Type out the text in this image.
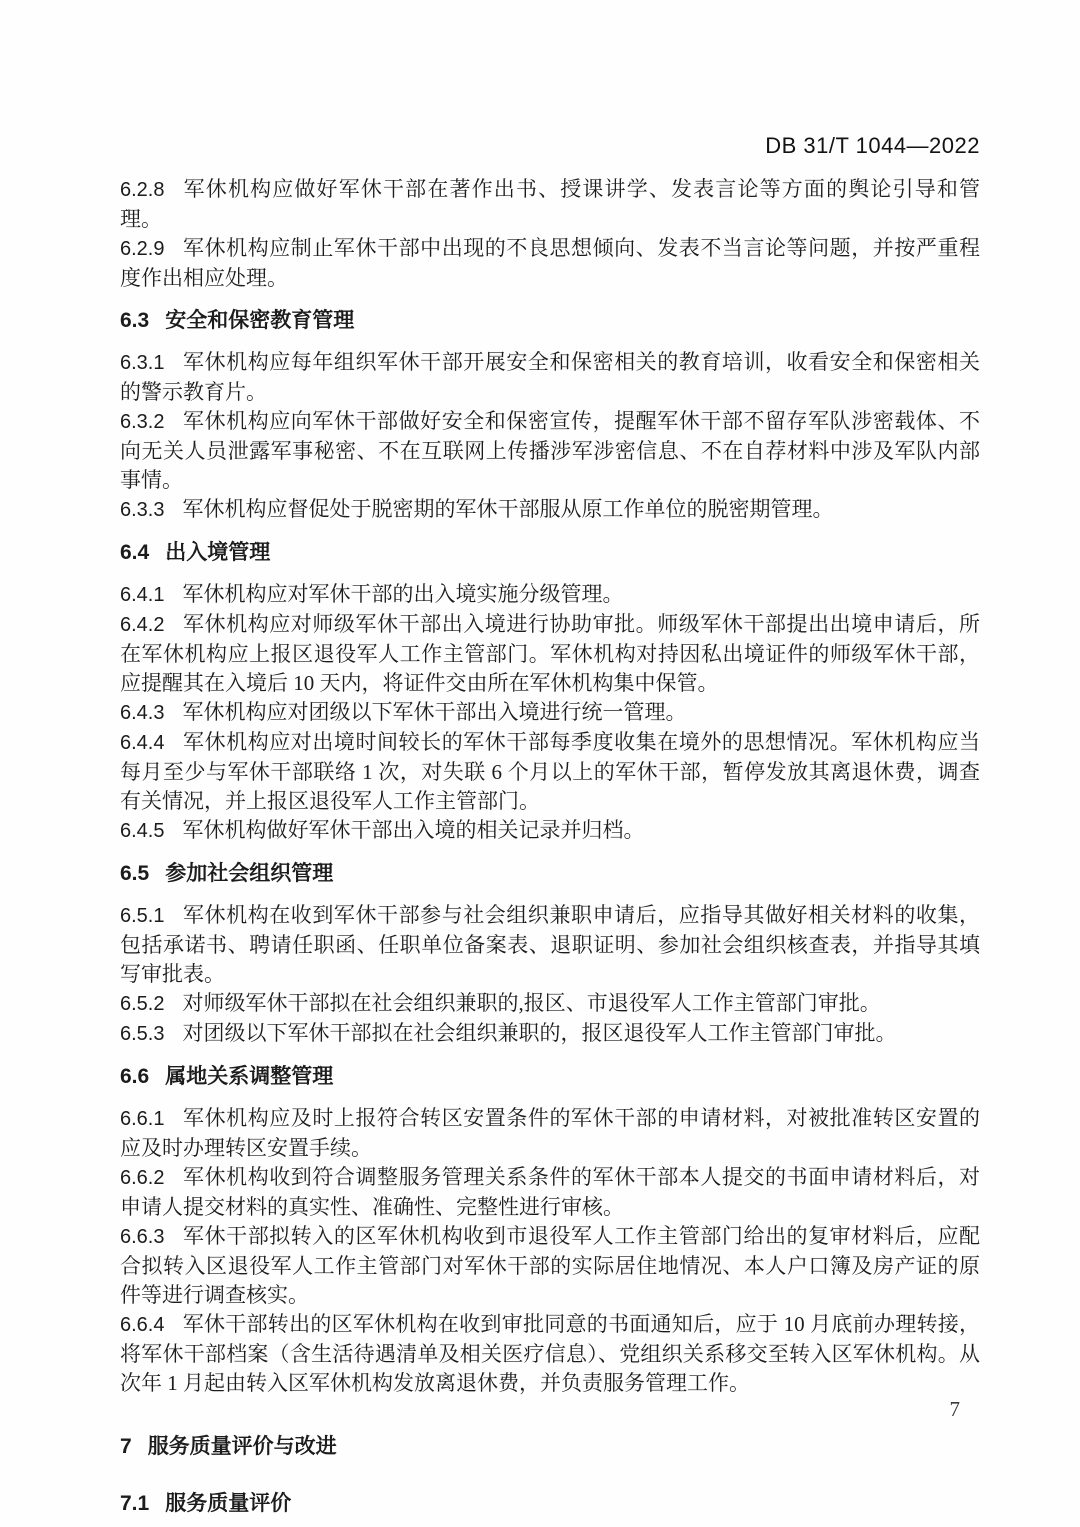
DB 31/T 1044—2022

6.2.8 军休机构应做好军休干部在著作出书、授课讲学、发表言论等方面的舆论引导和管理。

6.2.9 军休机构应制止军休干部中出现的不良思想倾向、发表不当言论等问题，并按严重程度作出相应处理。

6.3 安全和保密教育管理

6.3.1 军休机构应每年组织军休干部开展安全和保密相关的教育培训，收看安全和保密相关的警示教育片。

6.3.2 军休机构应向军休干部做好安全和保密宣传，提醒军休干部不留存军队涉密载体、不向无关人员泄露军事秘密、不在互联网上传播涉军涉密信息、不在自荐材料中涉及军队内部事情。

6.3.3 军休机构应督促处于脱密期的军休干部服从原工作单位的脱密期管理。

6.4 出入境管理

6.4.1 军休机构应对军休干部的出入境实施分级管理。

6.4.2 军休机构应对师级军休干部出入境进行协助审批。师级军休干部提出出境申请后，所在军休机构应上报区退役军人工作主管部门。军休机构对持因私出境证件的师级军休干部，应提醒其在入境后 10 天内，将证件交由所在军休机构集中保管。

6.4.3 军休机构应对团级以下军休干部出入境进行统一管理。

6.4.4 军休机构应对出境时间较长的军休干部每季度收集在境外的思想情况。军休机构应当每月至少与军休干部联络 1 次，对失联 6 个月以上的军休干部，暂停发放其离退休费，调查有关情况，并上报区退役军人工作主管部门。

6.4.5 军休机构做好军休干部出入境的相关记录并归档。

6.5 参加社会组织管理

6.5.1 军休机构在收到军休干部参与社会组织兼职申请后，应指导其做好相关材料的收集，包括承诺书、聘请任职函、任职单位备案表、退职证明、参加社会组织核查表，并指导其填写审批表。

6.5.2 对师级军休干部拟在社会组织兼职的,报区、市退役军人工作主管部门审批。

6.5.3 对团级以下军休干部拟在社会组织兼职的，报区退役军人工作主管部门审批。

6.6 属地关系调整管理

6.6.1 军休机构应及时上报符合转区安置条件的军休干部的申请材料，对被批准转区安置的应及时办理转区安置手续。

6.6.2 军休机构收到符合调整服务管理关系条件的军休干部本人提交的书面申请材料后，对申请人提交材料的真实性、准确性、完整性进行审核。

6.6.3 军休干部拟转入的区军休机构收到市退役军人工作主管部门给出的复审材料后，应配合拟转入区退役军人工作主管部门对军休干部的实际居住地情况、本人户口簿及房产证的原件等进行调查核实。

6.6.4 军休干部转出的区军休机构在收到审批同意的书面通知后，应于 10 月底前办理转接，将军休干部档案（含生活待遇清单及相关医疗信息）、党组织关系移交至转入区军休机构。从次年 1 月起由转入区军休机构发放离退休费，并负责服务管理工作。

7 服务质量评价与改进

7.1 服务质量评价

7
